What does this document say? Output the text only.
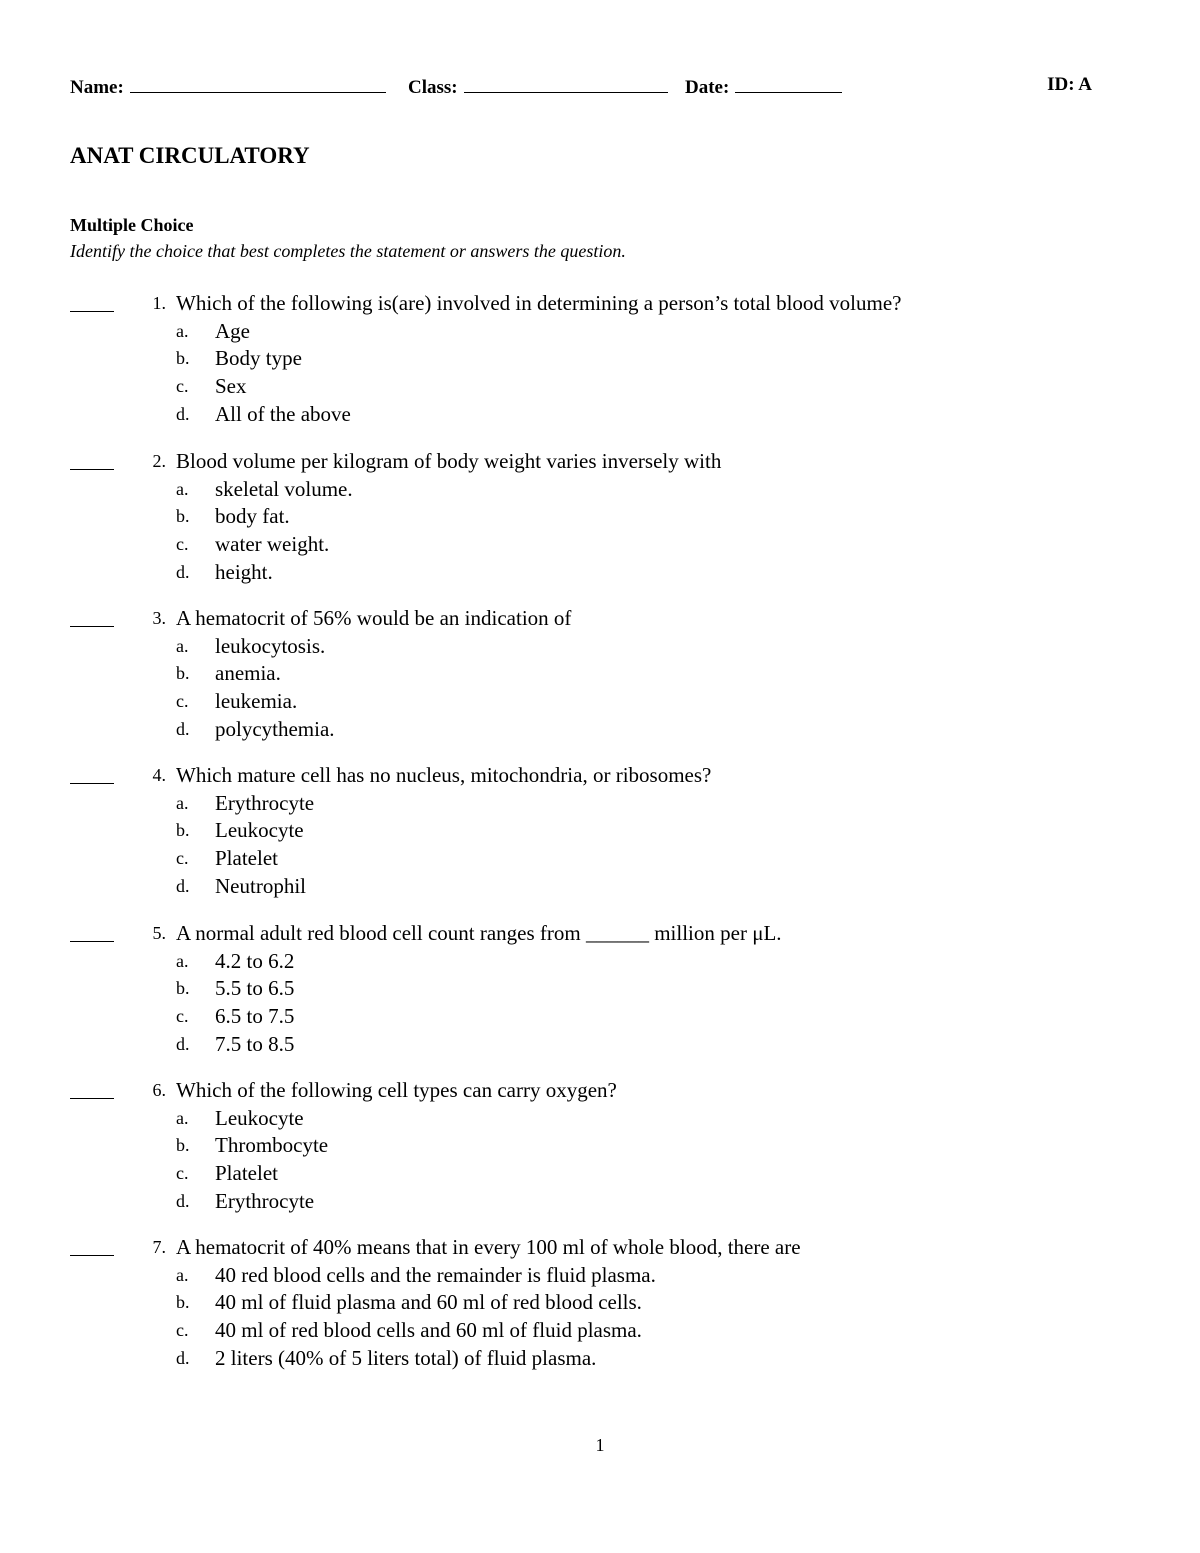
Name:	Class:	Date:	ID: A
ANAT CIRCULATORY
Multiple Choice
Identify the choice that best completes the statement or answers the question.
1. Which of the following is(are) involved in determining a person’s total blood volume?
a. Age
b. Body type
c. Sex
d. All of the above
2. Blood volume per kilogram of body weight varies inversely with
a. skeletal volume.
b. body fat.
c. water weight.
d. height.
3. A hematocrit of 56% would be an indication of
a. leukocytosis.
b. anemia.
c. leukemia.
d. polycythemia.
4. Which mature cell has no nucleus, mitochondria, or ribosomes?
a. Erythrocyte
b. Leukocyte
c. Platelet
d. Neutrophil
5. A normal adult red blood cell count ranges from ______ million per μL.
a. 4.2 to 6.2
b. 5.5 to 6.5
c. 6.5 to 7.5
d. 7.5 to 8.5
6. Which of the following cell types can carry oxygen?
a. Leukocyte
b. Thrombocyte
c. Platelet
d. Erythrocyte
7. A hematocrit of 40% means that in every 100 ml of whole blood, there are
a. 40 red blood cells and the remainder is fluid plasma.
b. 40 ml of fluid plasma and 60 ml of red blood cells.
c. 40 ml of red blood cells and 60 ml of fluid plasma.
d. 2 liters (40% of 5 liters total) of fluid plasma.
1
